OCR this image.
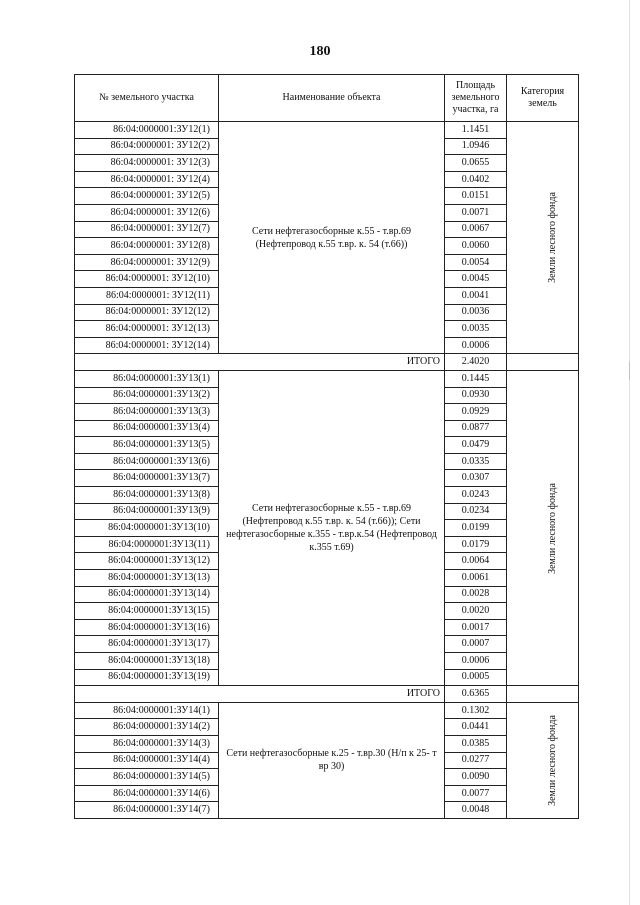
180
№ земельного участка	Наименование объекта	Площадь земельного участка, га	Категория земель
86:04:0000001:ЗУ12(1)	Сети нефтегазосборные к.55 - т.вр.69 (Нефтепровод к.55 т.вр. к. 54 (т.66))	1.1451	Земли лесного фонда
86:04:0000001: ЗУ12(2)		1.0946	
86:04:0000001: ЗУ12(3)		0.0655	
86:04:0000001: ЗУ12(4)		0.0402	
86:04:0000001: ЗУ12(5)		0.0151	
86:04:0000001: ЗУ12(6)		0.0071	
86:04:0000001: ЗУ12(7)		0.0067	
86:04:0000001: ЗУ12(8)		0.0060	
86:04:0000001: ЗУ12(9)		0.0054	
86:04:0000001: ЗУ12(10)		0.0045	
86:04:0000001: ЗУ12(11)		0.0041	
86:04:0000001: ЗУ12(12)		0.0036	
86:04:0000001: ЗУ12(13)		0.0035	
86:04:0000001: ЗУ12(14)		0.0006	
ИТОГО		2.4020	
86:04:0000001:ЗУ13(1)	Сети нефтегазосборные к.55 - т.вр.69 (Нефтепровод к.55 т.вр. к. 54 (т.66)); Сети нефтегазосборные к.355 - т.вр.к.54 (Нефтепровод к.355 т.69)	0.1445	Земли лесного фонда
86:04:0000001:ЗУ13(2)		0.0930	
86:04:0000001:ЗУ13(3)		0.0929	
86:04:0000001:ЗУ13(4)		0.0877	
86:04:0000001:ЗУ13(5)		0.0479	
86:04:0000001:ЗУ13(6)		0.0335	
86:04:0000001:ЗУ13(7)		0.0307	
86:04:0000001:ЗУ13(8)		0.0243	
86:04:0000001:ЗУ13(9)		0.0234	
86:04:0000001:ЗУ13(10)		0.0199	
86:04:0000001:ЗУ13(11)		0.0179	
86:04:0000001:ЗУ13(12)		0.0064	
86:04:0000001:ЗУ13(13)		0.0061	
86:04:0000001:ЗУ13(14)		0.0028	
86:04:0000001:ЗУ13(15)		0.0020	
86:04:0000001:ЗУ13(16)		0.0017	
86:04:0000001:ЗУ13(17)		0.0007	
86:04:0000001:ЗУ13(18)		0.0006	
86:04:0000001:ЗУ13(19)		0.0005	
ИТОГО		0.6365	
86:04:0000001:ЗУ14(1)	Сети нефтегазосборные к.25 - т.вр.30 (Н/п к 25- т вр 30)	0.1302	Земли лесного фонда
86:04:0000001:ЗУ14(2)		0.0441	
86:04:0000001:ЗУ14(3)		0.0385	
86:04:0000001:ЗУ14(4)		0.0277	
86:04:0000001:ЗУ14(5)		0.0090	
86:04:0000001:ЗУ14(6)		0.0077	
86:04:0000001:ЗУ14(7)		0.0048	
